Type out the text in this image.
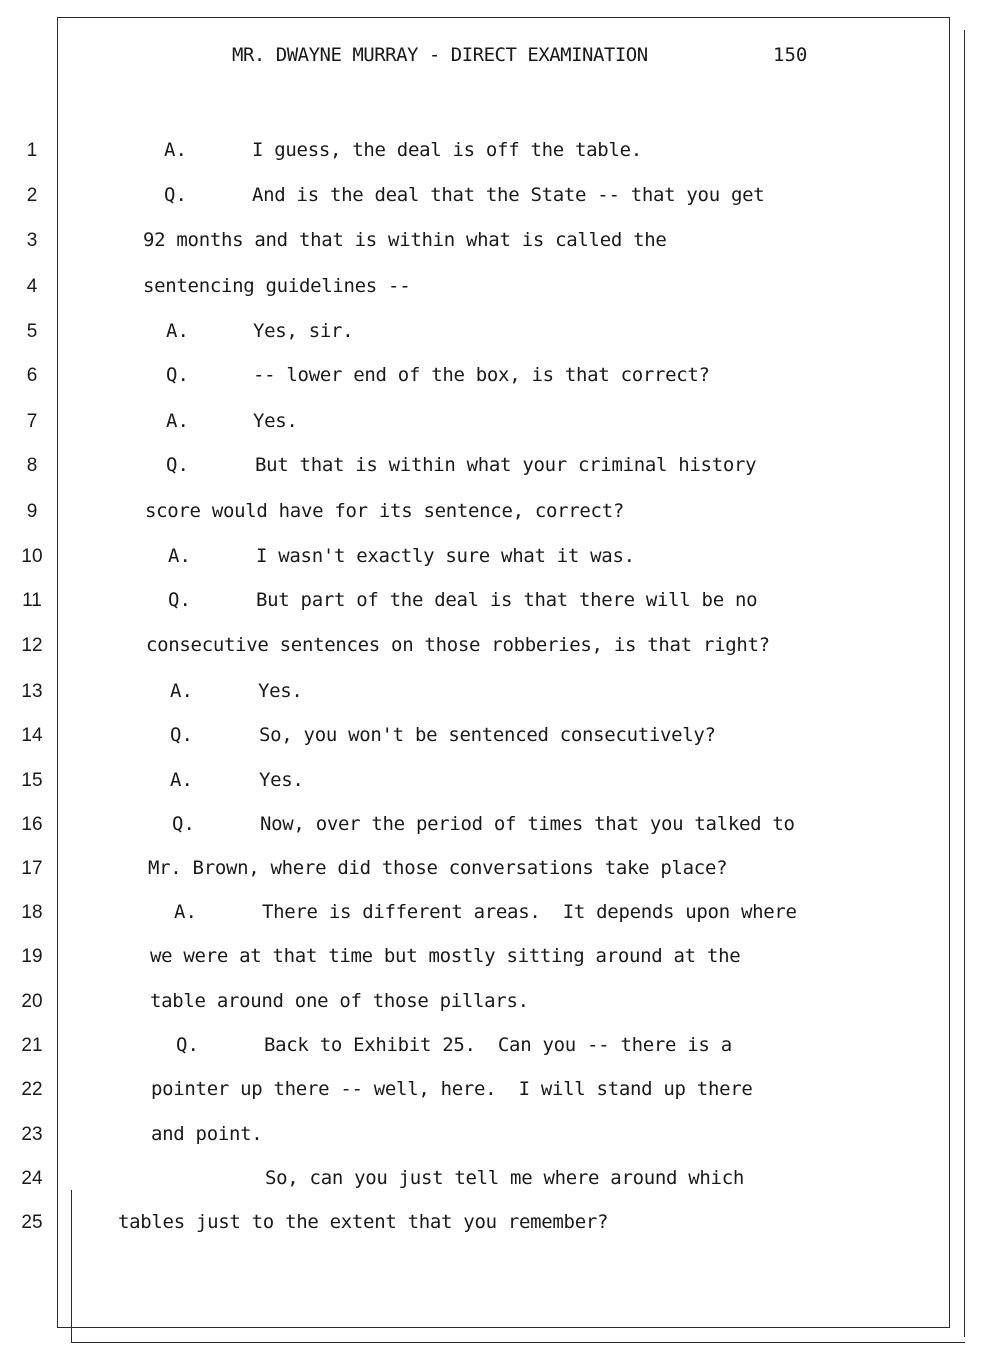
MR. DWAYNE MURRAY - DIRECT EXAMINATION	150
1	A.	I guess, the deal is off the table.
2	Q.	And is the deal that the State -- that you get
3	92 months and that is within what is called the
4	sentencing guidelines --
5	A.	Yes, sir.
6	Q.	-- lower end of the box, is that correct?
7	A.	Yes.
8	Q.	But that is within what your criminal history
9	score would have for its sentence, correct?
10	A.	I wasn't exactly sure what it was.
11	Q.	But part of the deal is that there will be no
12	consecutive sentences on those robberies, is that right?
13	A.	Yes.
14	Q.	So, you won't be sentenced consecutively?
15	A.	Yes.
16	Q.	Now, over the period of times that you talked to
17	Mr. Brown, where did those conversations take place?
18	A.	There is different areas.  It depends upon where
19	we were at that time but mostly sitting around at the
20	table around one of those pillars.
21	Q.	Back to Exhibit 25.  Can you -- there is a
22	pointer up there -- well, here.  I will stand up there
23	and point.
24	So, can you just tell me where around which
25	tables just to the extent that you remember?
